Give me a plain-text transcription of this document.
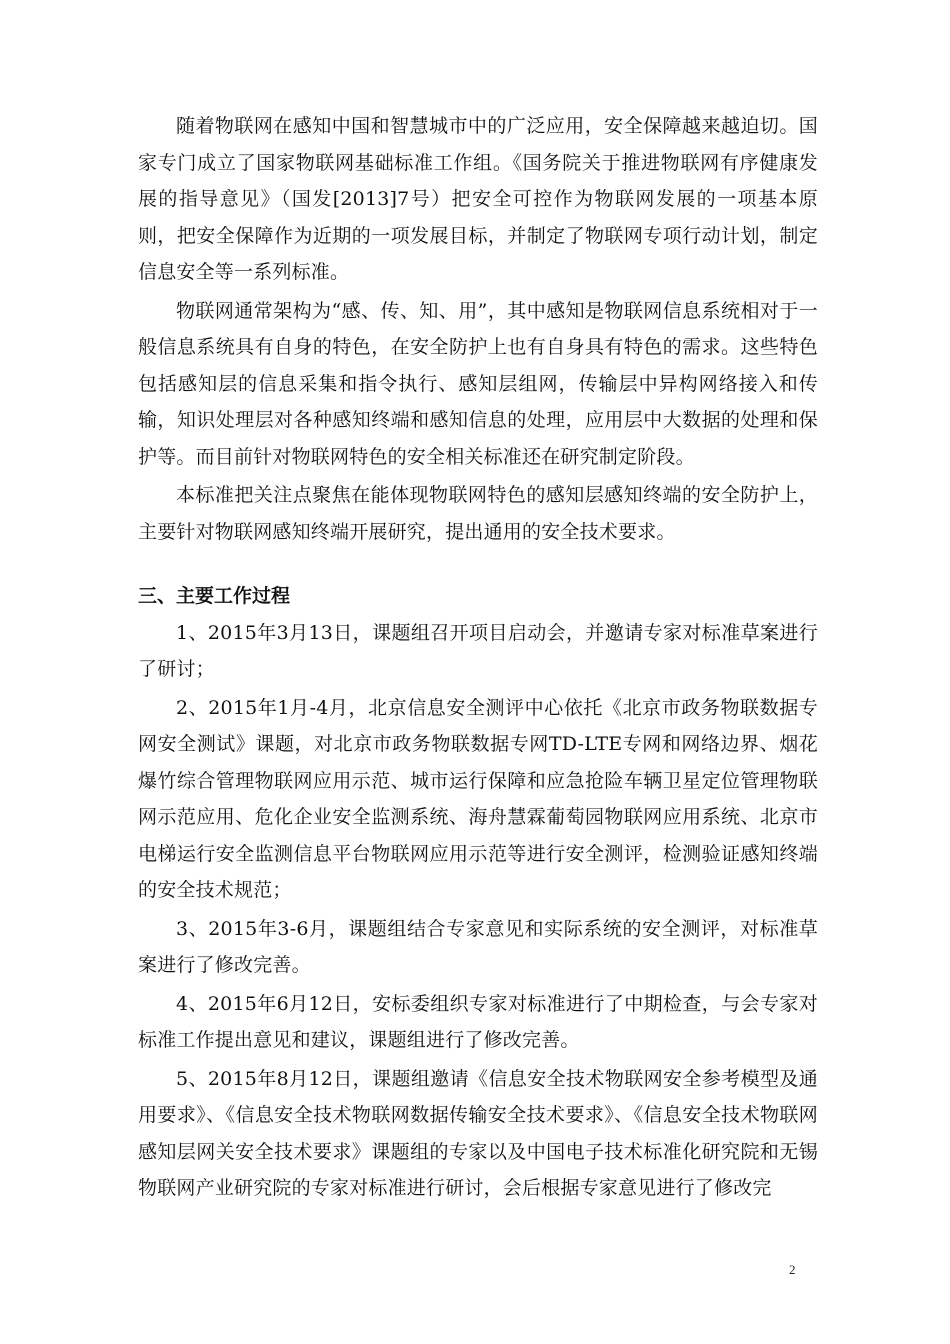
随着物联网在感知中国和智慧城市中的广泛应用，安全保障越来越迫切。国家专门成立了国家物联网基础标准工作组。《国务院关于推进物联网有序健康发展的指导意见》（国发[2013]7号）把安全可控作为物联网发展的一项基本原则，把安全保障作为近期的一项发展目标，并制定了物联网专项行动计划，制定信息安全等一系列标准。

物联网通常架构为“感、传、知、用”，其中感知是物联网信息系统相对于一般信息系统具有自身的特色，在安全防护上也有自身具有特色的需求。这些特色包括感知层的信息采集和指令执行、感知层组网，传输层中异构网络接入和传输，知识处理层对各种感知终端和感知信息的处理，应用层中大数据的处理和保护等。而目前针对物联网特色的安全相关标准还在研究制定阶段。

本标准把关注点聚焦在能体现物联网特色的感知层感知终端的安全防护上，主要针对物联网感知终端开展研究，提出通用的安全技术要求。

三、主要工作过程

1、2015年3月13日，课题组召开项目启动会，并邀请专家对标准草案进行了研讨；

2、2015年1月-4月，北京信息安全测评中心依托《北京市政务物联数据专网安全测试》课题，对北京市政务物联数据专网TD-LTE专网和网络边界、烟花爆竹综合管理物联网应用示范、城市运行保障和应急抢险车辆卫星定位管理物联网示范应用、危化企业安全监测系统、海舟慧霖葡萄园物联网应用系统、北京市电梯运行安全监测信息平台物联网应用示范等进行安全测评，检测验证感知终端的安全技术规范；

3、2015年3-6月，课题组结合专家意见和实际系统的安全测评，对标准草案进行了修改完善。

4、2015年6月12日，安标委组织专家对标准进行了中期检查，与会专家对标准工作提出意见和建议，课题组进行了修改完善。

5、2015年8月12日，课题组邀请《信息安全技术物联网安全参考模型及通用要求》、《信息安全技术物联网数据传输安全技术要求》、《信息安全技术物联网感知层网关安全技术要求》课题组的专家以及中国电子技术标准化研究院和无锡物联网产业研究院的专家对标准进行研讨，会后根据专家意见进行了修改完

2
